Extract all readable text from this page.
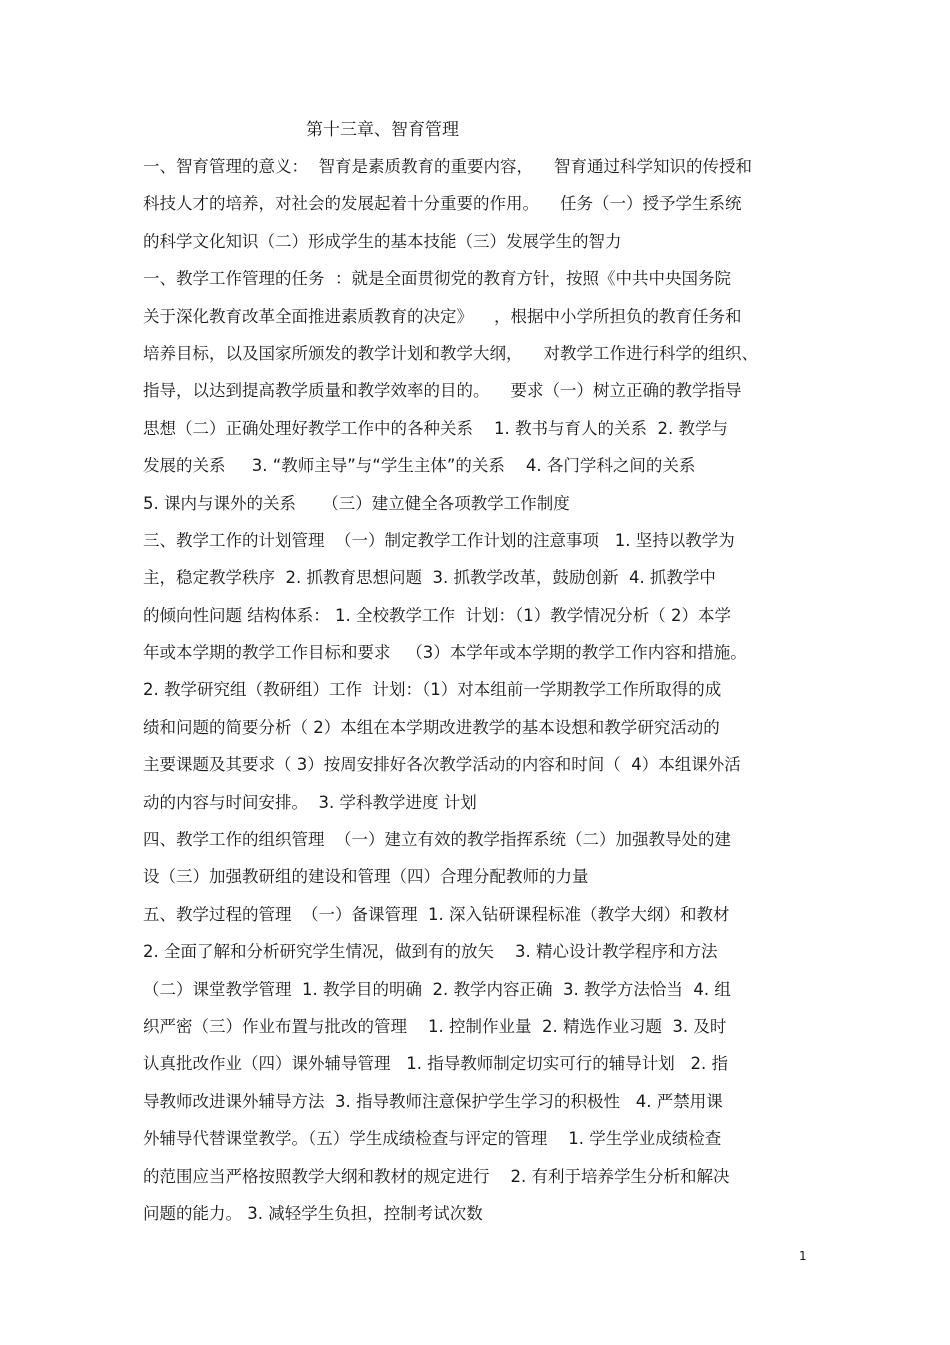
第十三章、智育管理
一、智育管理的意义：  智育是素质教育的重要内容，    智育通过科学知识的传授和
科技人才的培养，对社会的发展起着十分重要的作用。    任务（一）授予学生系统
的科学文化知识（二）形成学生的基本技能（三）发展学生的智力
一、教学工作管理的任务  ：就是全面贯彻党的教育方针，按照《中共中央国务院
关于深化教育改革全面推进素质教育的决定》    ，根据中小学所担负的教育任务和
培养目标，以及国家所颁发的教学计划和教学大纲，    对教学工作进行科学的组织、
指导，以达到提高教学质量和教学效率的目的。    要求（一）树立正确的教学指导
思想（二）正确处理好教学工作中的各种关系    1. 教书与育人的关系  2. 教学与
发展的关系     3. “教师主导”与“学生主体”的关系    4. 各门学科之间的关系
5. 课内与课外的关系     （三）建立健全各项教学工作制度
三、教学工作的计划管理  （一）制定教学工作计划的注意事项   1. 坚持以教学为
主，稳定教学秩序  2. 抓教育思想问题  3. 抓教学改革，鼓励创新  4. 抓教学中
的倾向性问题 结构体系： 1. 全校教学工作  计划：（1）教学情况分析（ 2）本学
年或本学期的教学工作目标和要求   （3）本学年或本学期的教学工作内容和措施。
2. 教学研究组（教研组）工作  计划：（1）对本组前一学期教学工作所取得的成
绩和问题的简要分析（ 2）本组在本学期改进教学的基本设想和教学研究活动的
主要课题及其要求（ 3）按周安排好各次教学活动的内容和时间（  4）本组课外活
动的内容与时间安排。  3. 学科教学进度 计划
四、教学工作的组织管理  （一）建立有效的教学指挥系统（二）加强教导处的建
设（三）加强教研组的建设和管理（四）合理分配教师的力量
五、教学过程的管理  （一）备课管理  1. 深入钻研课程标准（教学大纲）和教材
2. 全面了解和分析研究学生情况，做到有的放矢    3. 精心设计教学程序和方法
（二）课堂教学管理  1. 教学目的明确  2. 教学内容正确  3. 教学方法恰当  4. 组
织严密（三）作业布置与批改的管理    1. 控制作业量  2. 精选作业习题  3. 及时
认真批改作业（四）课外辅导管理   1. 指导教师制定切实可行的辅导计划   2. 指
导教师改进课外辅导方法  3. 指导教师注意保护学生学习的积极性   4. 严禁用课
外辅导代替课堂教学。（五）学生成绩检查与评定的管理    1. 学生学业成绩检查
的范围应当严格按照教学大纲和教材的规定进行    2. 有利于培养学生分析和解决
问题的能力。 3. 减轻学生负担，控制考试次数
1
